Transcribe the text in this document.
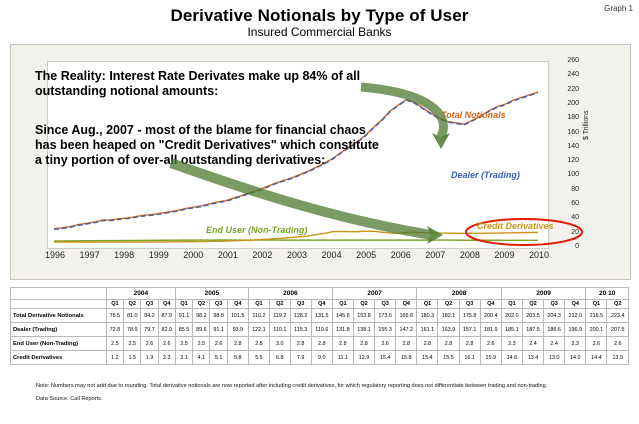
Graph 1
Derivative Notionals by Type of User
Insured Commercial Banks
260
240
220
200
180
160
140
120
100
80
60
40
20
0
$ Trillions
1996	1997	1998	1999	2000	2001	2002	2003	2004	2005	2006	2007	2008	2009	2010
The Reality: Interest Rate Derivates make up 84% of all outstanding notional amounts:
Since Aug., 2007 - most of the blame for financial chaos has been heaped on "Credit Derivatives" which constitute a tiny portion of over-all outstanding derivatives:
Total Notionals
Dealer (Trading)
End User (Non-Trading)	Credit Derivatives
	2004				2005				2006				2007				2008				2009				20 10	
	Q1	Q2	Q3	Q4	Q1	Q2	Q3	Q4	Q1	Q2	Q3	Q4	Q1	Q2	Q3	Q4	Q1	Q2	Q3	Q4	Q1	Q2	Q3	Q4	Q1	Q2
Total Derivative Notionals	76.5	81.0	84.2	87.9	91.1	98.2	98.8	101.5	110.2	119.2	128.2	131.5	145.6	153.8	173.6	165.6	180.3	182.1	175.8	200.4	202.0	203.5	204.3	212.0	216.5	223.4
Dealer (Trading)	72.8	78.9	79.7	82.9	85.5	89.6	91.1	93.9	122.1	110.1	115.3	119.6	131.8	138.1	155.3	147.2	161.1	163.9	157.1	181.9	185.1	187.5	186.6	196.9	200.1	207.5
End User (Non-Trading)	2.5	2.5	2.6	2.6	2.5	2.5	2.6	2.8	2.8	3.0	2.8	2.8	2.8	2.8	2.6	2.8	2.8	2.8	2.8	2.6	2.3	2.4	2.4	2.3	2.6	2.6
Credit Derivatives	1.2	1.5	1.9	2.3	3.1	4.1	5.1	5.8	5.5	6.8	7.9	9.0	11.1	12.9	15.4	15.8	15.4	15.5	16.1	15.9	14.6	13.4	13.0	14.0	14.4	13.9
Note: Numbers may not add due to rounding. Total derivative notionals are now reported after including credit derivatives, for which regulatory reporting does not differentiate between trading and non-trading.
Data Source: Call Reports.
